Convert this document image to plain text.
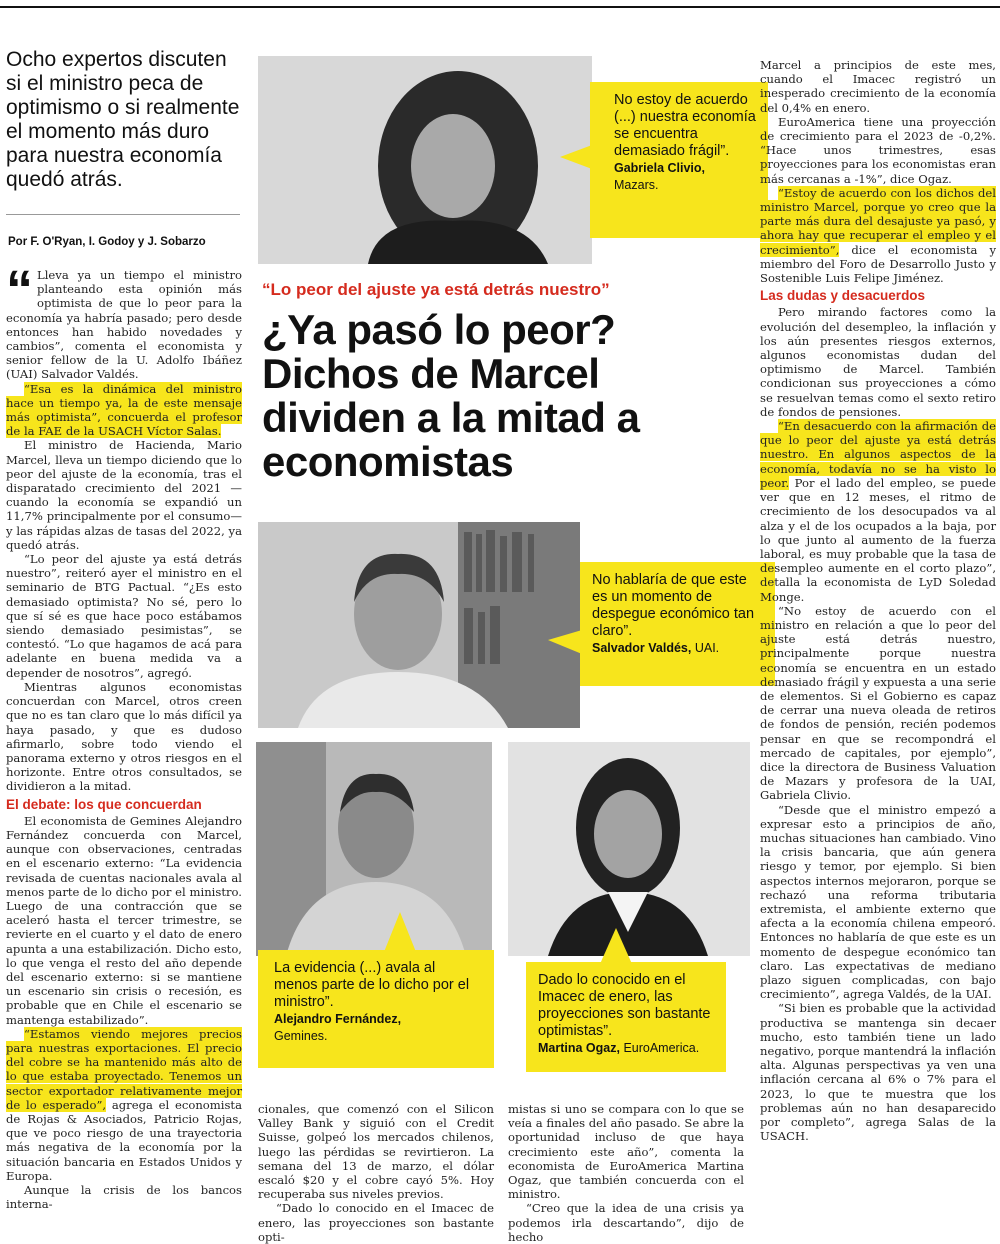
Ocho expertos discuten si el ministro peca de optimismo o si realmente el momento más duro para nuestra economía quedó atrás.
Por F. O'Ryan, I. Godoy y J. Sobarzo

“ Lleva ya un tiempo el ministro planteando esta opinión más optimista de que lo peor para la economía ya habría pasado; pero desde entonces han habido novedades y cambios”, comenta el economista y senior fellow de la U. Adolfo Ibáñez (UAI) Salvador Valdés.

“Esa es la dinámica del ministro hace un tiempo ya, la de este mensaje más optimista”, concuerda el profesor de la FAE de la USACH Víctor Salas.

El ministro de Hacienda, Mario Marcel, lleva un tiempo diciendo que lo peor del ajuste de la economía, tras el disparatado crecimiento del 2021 —cuando la economía se expandió un 11,7% principalmente por el consumo— y las rápidas alzas de tasas del 2022, ya quedó atrás.

“Lo peor del ajuste ya está detrás nuestro”, reiteró ayer el ministro en el seminario de BTG Pactual. “¿Es esto demasiado optimista? No sé, pero lo que sí sé es que hace poco estábamos siendo demasiado pesimistas”, se contestó. “Lo que hagamos de acá para adelante en buena medida va a depender de nosotros”, agregó.

Mientras algunos economistas concuerdan con Marcel, otros creen que no es tan claro que lo más difícil ya haya pasado, y que es dudoso afirmarlo, sobre todo viendo el panorama externo y otros riesgos en el horizonte. Entre otros consultados, se dividieron a la mitad.

El debate: los que concuerdan

El economista de Gemines Alejandro Fernández concuerda con Marcel, aunque con observaciones, centradas en el escenario externo: “La evidencia revisada de cuentas nacionales avala al menos parte de lo dicho por el ministro. Luego de una contracción que se aceleró hasta el tercer trimestre, se revierte en el cuarto y el dato de enero apunta a una estabilización. Dicho esto, lo que venga el resto del año depende del escenario externo: si se mantiene un escenario sin crisis o recesión, es probable que en Chile el escenario se mantenga estabilizado”.

“Estamos viendo mejores precios para nuestras exportaciones. El precio del cobre se ha mantenido más alto de lo que estaba proyectado. Tenemos un sector exportador relativamente mejor de lo esperado”, agrega el economista de Rojas & Asociados, Patricio Rojas, que ve poco riesgo de una trayectoria más negativa de la economía por la situación bancaria en Estados Unidos y Europa.

Aunque la crisis de los bancos interna-

No estoy de acuerdo (...) nuestra economía se encuentra demasiado frágil”.
Gabriela Clivio,
Mazars.
“Lo peor del ajuste ya está detrás nuestro”
¿Ya pasó lo peor? Dichos de Marcel dividen a la mitad a economistas
No hablaría de que este es un momento de despegue económico tan claro”.
Salvador Valdés, UAI.
La evidencia (...) avala al menos parte de lo dicho por el ministro”.
Alejandro Fernández,
Gemines.
Dado lo conocido en el Imacec de enero, las proyecciones son bastante optimistas”.
Martina Ogaz, EuroAmerica.

cionales, que comenzó con el Silicon Valley Bank y siguió con el Credit Suisse, golpeó los mercados chilenos, luego las pérdidas se revirtieron. La semana del 13 de marzo, el dólar escaló $20 y el cobre cayó 5%. Hoy recuperaba sus niveles previos.

“Dado lo conocido en el Imacec de enero, las proyecciones son bastante opti-

mistas si uno se compara con lo que se veía a finales del año pasado. Se abre la oportunidad incluso de que haya crecimiento este año”, comenta la economista de EuroAmerica Martina Ogaz, que también concuerda con el ministro.

“Creo que la idea de una crisis ya podemos irla descartando”, dijo de hecho

Marcel a principios de este mes, cuando el Imacec registró un inesperado crecimiento de la economía del 0,4% en enero.

EuroAmerica tiene una proyección de crecimiento para el 2023 de -0,2%. “Hace unos trimestres, esas proyecciones para los economistas eran más cercanas a -1%”, dice Ogaz.

“Estoy de acuerdo con los dichos del ministro Marcel, porque yo creo que la parte más dura del desajuste ya pasó, y ahora hay que recuperar el empleo y el crecimiento”, dice el economista y miembro del Foro de Desarrollo Justo y Sostenible Luis Felipe Jiménez.

Las dudas y desacuerdos

Pero mirando factores como la evolución del desempleo, la inflación y los aún presentes riesgos externos, algunos economistas dudan del optimismo de Marcel. También condicionan sus proyecciones a cómo se resuelvan temas como el sexto retiro de fondos de pensiones.

“En desacuerdo con la afirmación de que lo peor del ajuste ya está detrás nuestro. En algunos aspectos de la economía, todavía no se ha visto lo peor. Por el lado del empleo, se puede ver que en 12 meses, el ritmo de crecimiento de los desocupados va al alza y el de los ocupados a la baja, por lo que junto al aumento de la fuerza laboral, es muy probable que la tasa de desempleo aumente en el corto plazo”, detalla la economista de LyD Soledad Monge.

“No estoy de acuerdo con el ministro en relación a que lo peor del ajuste está detrás nuestro, principalmente porque nuestra economía se encuentra en un estado demasiado frágil y expuesta a una serie de elementos. Si el Gobierno es capaz de cerrar una nueva oleada de retiros de fondos de pensión, recién podemos pensar en que se recompondrá el mercado de capitales, por ejemplo”, dice la directora de Business Valuation de Mazars y profesora de la UAI, Gabriela Clivio.

“Desde que el ministro empezó a expresar esto a principios de año, muchas situaciones han cambiado. Vino la crisis bancaria, que aún genera riesgo y temor, por ejemplo. Si bien aspectos internos mejoraron, porque se rechazó una reforma tributaria extremista, el ambiente externo que afecta a la economía chilena empeoró. Entonces no hablaría de que este es un momento de despegue económico tan claro. Las expectativas de mediano plazo siguen complicadas, con bajo crecimiento”, agrega Valdés, de la UAI.

“Si bien es probable que la actividad productiva se mantenga sin decaer mucho, esto también tiene un lado negativo, porque mantendrá la inflación alta. Algunas perspectivas ya ven una inflación cercana al 6% o 7% para el 2023, lo que te muestra que los problemas aún no han desaparecido por completo”, agrega Salas de la USACH.
